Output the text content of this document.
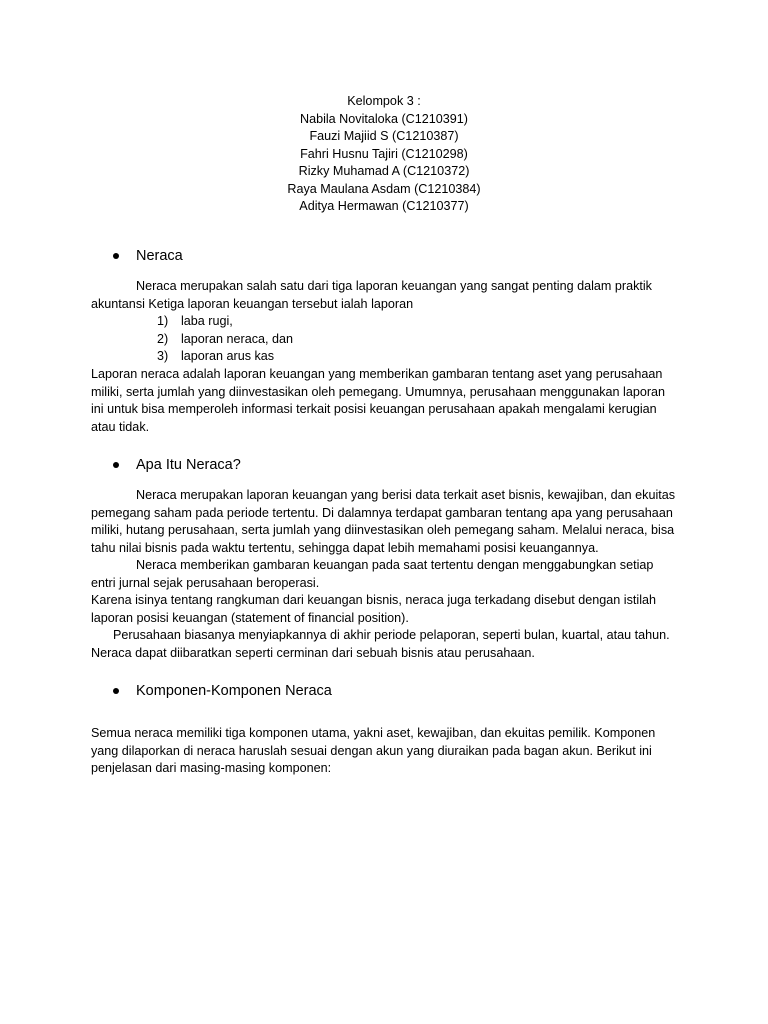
Kelompok 3 :
Nabila Novitaloka (C1210391)
Fauzi Majiid S (C1210387)
Fahri Husnu Tajiri (C1210298)
Rizky Muhamad A (C1210372)
Raya Maulana Asdam (C1210384)
Aditya Hermawan (C1210377)
Neraca
Neraca merupakan salah satu dari tiga laporan keuangan yang sangat penting dalam praktik
akuntansi Ketiga laporan keuangan tersebut ialah laporan
1) laba rugi,
2) laporan neraca, dan
3) laporan arus kas
Laporan neraca adalah laporan keuangan yang memberikan gambaran tentang aset yang perusahaan
miliki, serta jumlah yang diinvestasikan oleh pemegang. Umumnya, perusahaan menggunakan laporan
ini untuk bisa memperoleh informasi terkait posisi keuangan perusahaan apakah mengalami kerugian
atau tidak.
Apa Itu Neraca?
Neraca merupakan laporan keuangan yang berisi data terkait aset bisnis, kewajiban, dan ekuitas
pemegang saham pada periode tertentu. Di dalamnya terdapat gambaran tentang apa yang perusahaan
miliki, hutang perusahaan, serta jumlah yang diinvestasikan oleh pemegang saham. Melalui neraca, bisa
tahu nilai bisnis pada waktu tertentu, sehingga dapat lebih memahami posisi keuangannya.
Neraca memberikan gambaran keuangan pada saat tertentu dengan menggabungkan setiap
entri jurnal sejak perusahaan beroperasi.
Karena isinya tentang rangkuman dari keuangan bisnis, neraca juga terkadang disebut dengan istilah
laporan posisi keuangan (statement of financial position).
Perusahaan biasanya menyiapkannya di akhir periode pelaporan, seperti bulan, kuartal, atau tahun.
Neraca dapat diibaratkan seperti cerminan dari sebuah bisnis atau perusahaan.
Komponen-Komponen Neraca
Semua neraca memiliki tiga komponen utama, yakni aset, kewajiban, dan ekuitas pemilik. Komponen
yang dilaporkan di neraca haruslah sesuai dengan akun yang diuraikan pada bagan akun. Berikut ini
penjelasan dari masing-masing komponen:
